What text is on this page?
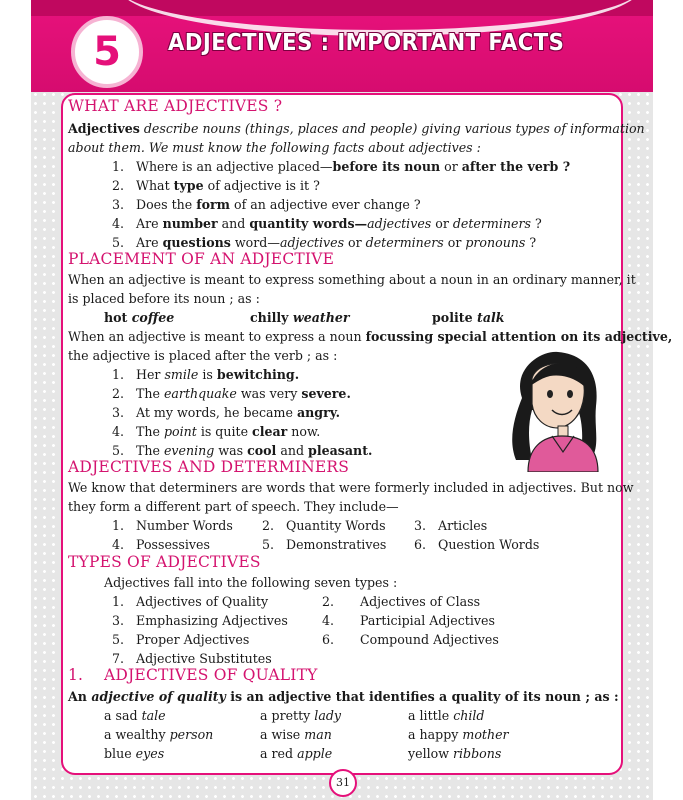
5 ADJECTIVES : IMPORTANT FACTS
WHAT ARE ADJECTIVES ?
Adjectives describe nouns (things, places and people) giving various types of information
about them. We must know the following facts about adjectives :
1. Where is an adjective placed—before its noun or after the verb ?
2. What type of adjective is it ?
3. Does the form of an adjective ever change ?
4. Are number and quantity words—adjectives or determiners ?
5. Are questions word—adjectives or determiners or pronouns ?
PLACEMENT OF AN ADJECTIVE
When an adjective is meant to express something about a noun in an ordinary manner, it
is placed before its noun ; as :
hot coffee	chilly weather	polite talk
When an adjective is meant to express a noun focussing special attention on its adjective,
the adjective is placed after the verb ; as :
1. Her smile is bewitching.
2. The earthquake was very severe.
3. At my words, he became angry.
4. The point is quite clear now.
5. The evening was cool and pleasant.
ADJECTIVES AND DETERMINERS
We know that determiners are words that were formerly included in adjectives. But now
they form a different part of speech. They include—
1. Number Words 2. Quantity Words 3. Articles
4. Possessives	5. Demonstratives 6. Question Words
TYPES OF ADJECTIVES
Adjectives fall into the following seven types :
1. Adjectives of Quality	2. Adjectives of Class
3. Emphasizing Adjectives	4. Participial Adjectives
5. Proper Adjectives	6. Compound Adjectives
7. Adjective Substitutes
1. ADJECTIVES OF QUALITY
An adjective of quality is an adjective that identifies a quality of its noun ; as :
a sad tale	a pretty lady	a little child
a wealthy person	a wise man	a happy mother
blue eyes	a red apple	yellow ribbons
31
